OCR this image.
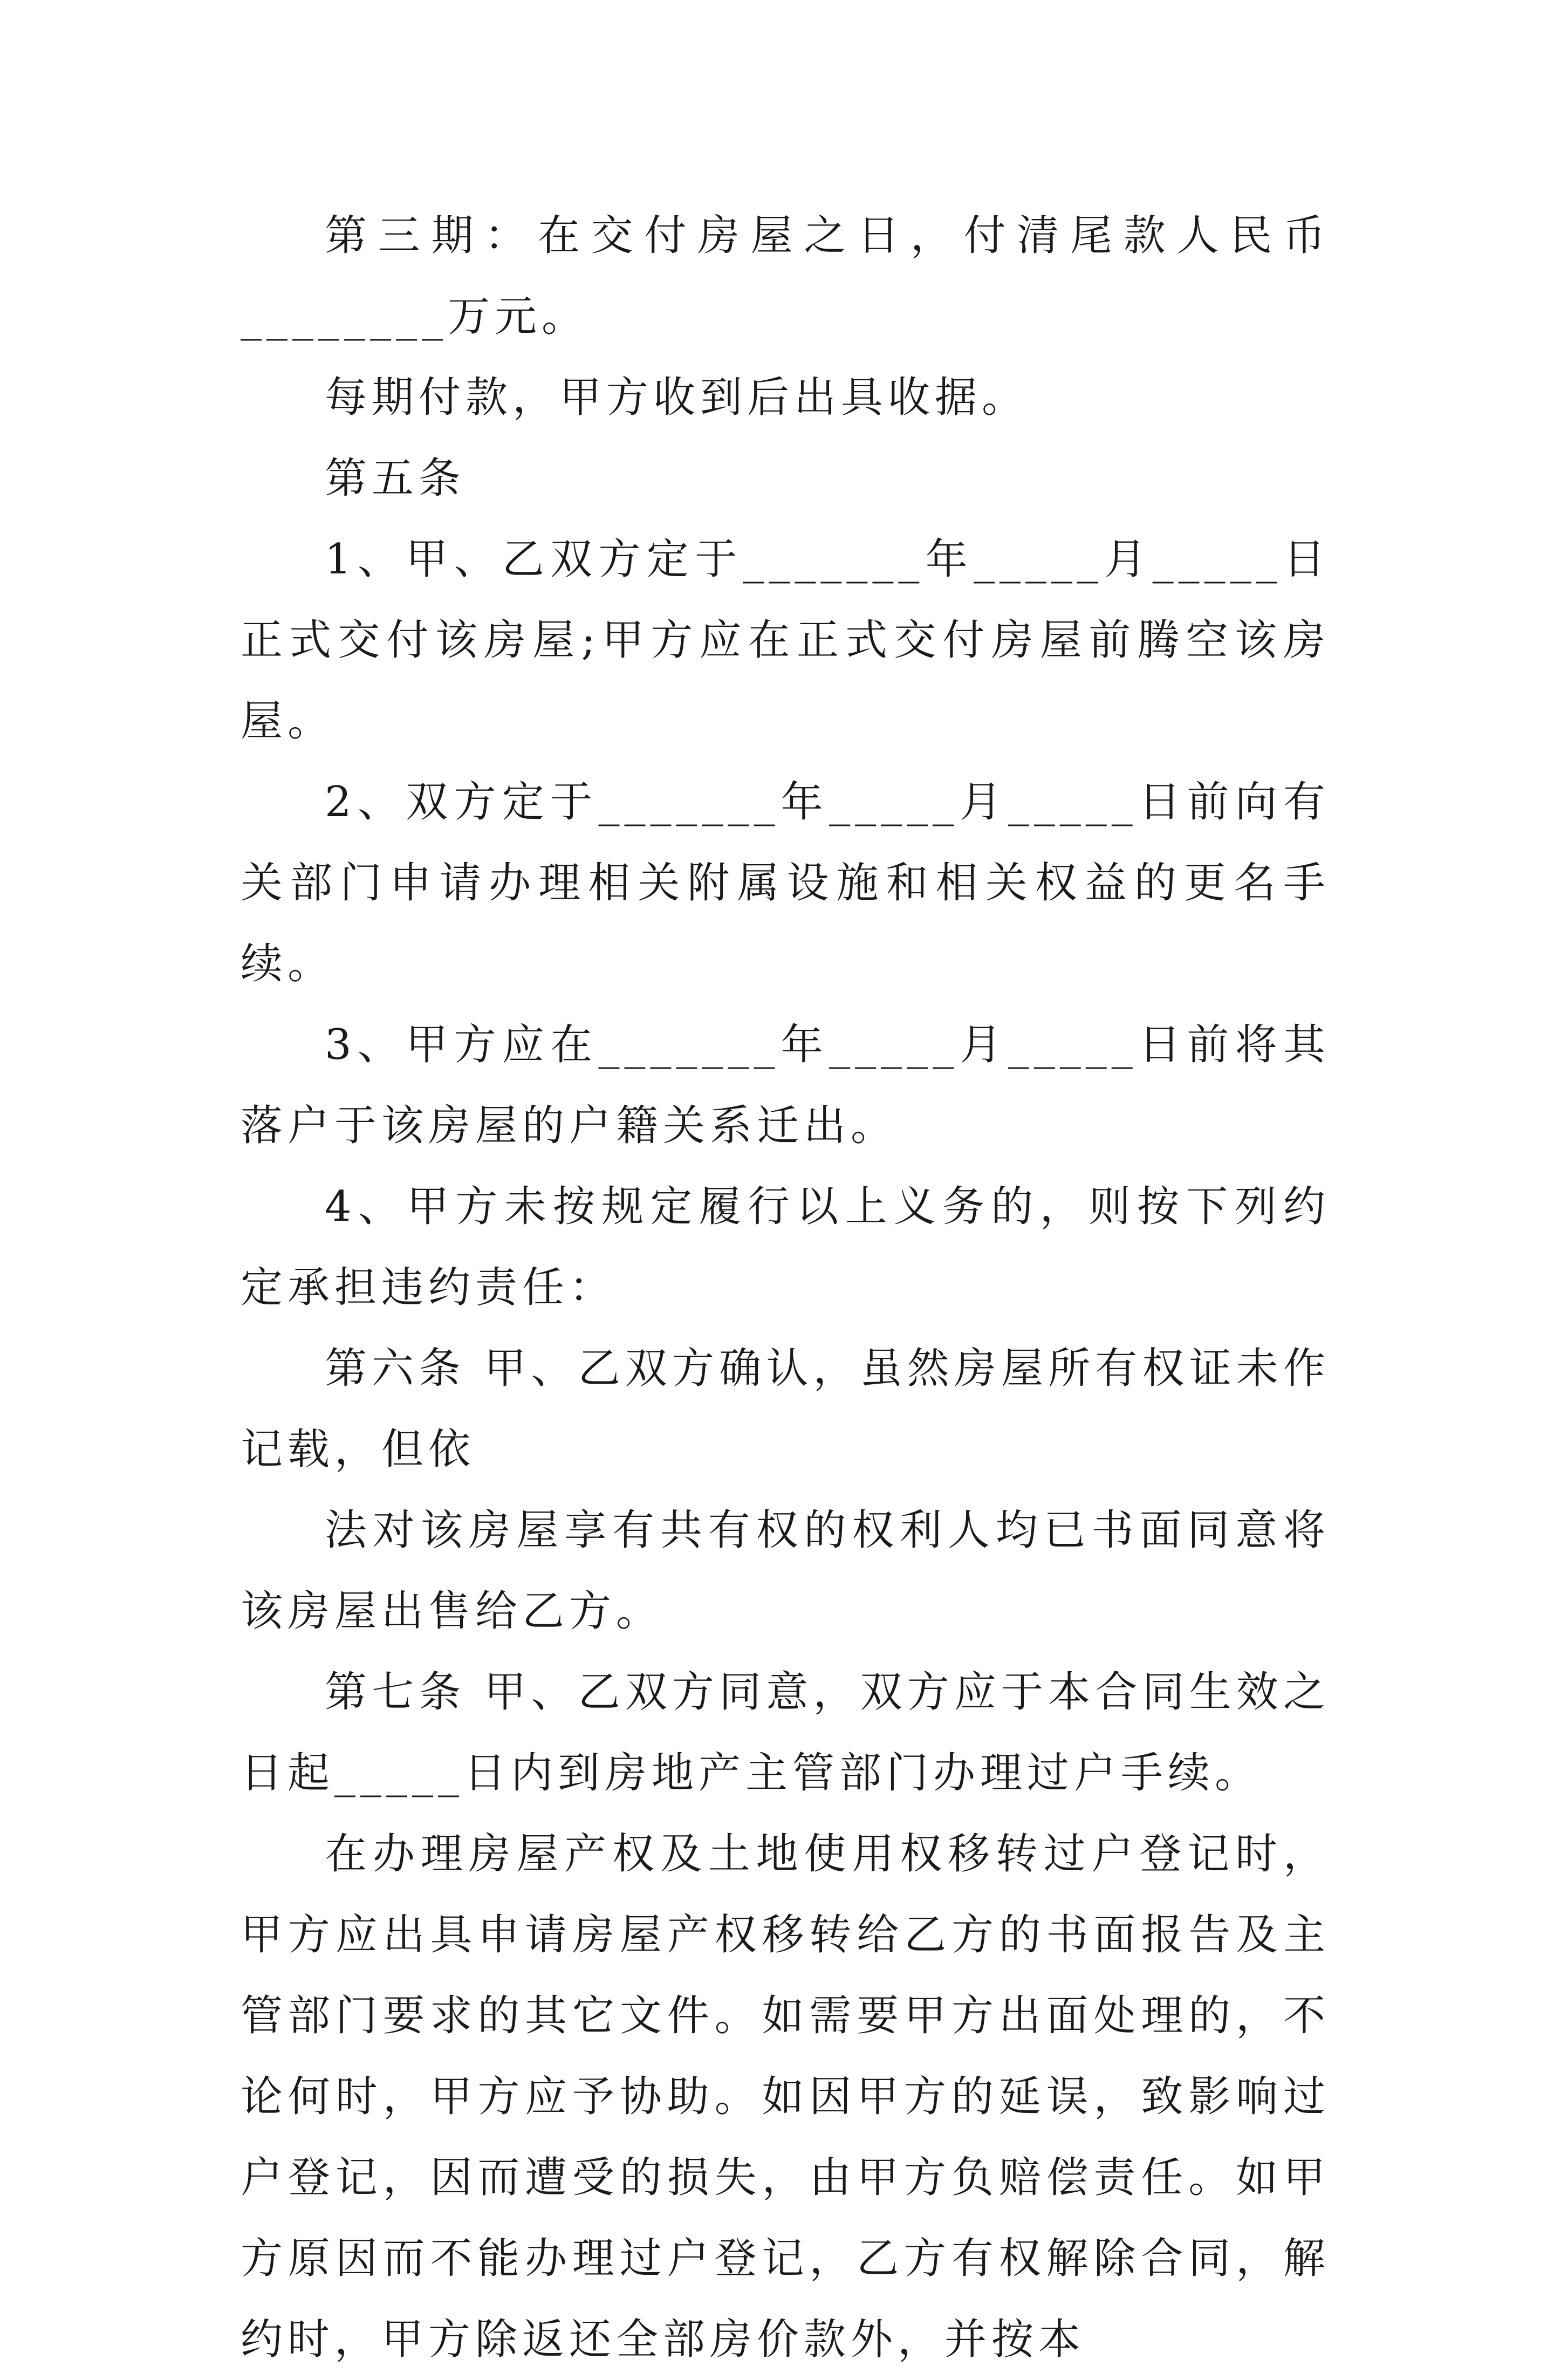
第三期：在交付房屋之日，付清尾款人民币________万元。

每期付款，甲方收到后出具收据。

第五条

1、甲、乙双方定于_______年_____月_____日正式交付该房屋;甲方应在正式交付房屋前腾空该房屋。

2、双方定于_______年_____月_____日前向有关部门申请办理相关附属设施和相关权益的更名手续。

3、甲方应在_______年_____月_____日前将其落户于该房屋的户籍关系迁出。

4、甲方未按规定履行以上义务的，则按下列约定承担违约责任：

第六条 甲、乙双方确认，虽然房屋所有权证未作记载，但依

法对该房屋享有共有权的权利人均已书面同意将该房屋出售给乙方。

第七条 甲、乙双方同意，双方应于本合同生效之日起_____日内到房地产主管部门办理过户手续。

在办理房屋产权及土地使用权移转过户登记时，甲方应出具申请房屋产权移转给乙方的书面报告及主管部门要求的其它文件。如需要甲方出面处理的，不论何时，甲方应予协助。如因甲方的延误，致影响过户登记，因而遭受的损失，由甲方负赔偿责任。如甲方原因而不能办理过户登记，乙方有权解除合同，解约时，甲方除返还全部房价款外，并按本
